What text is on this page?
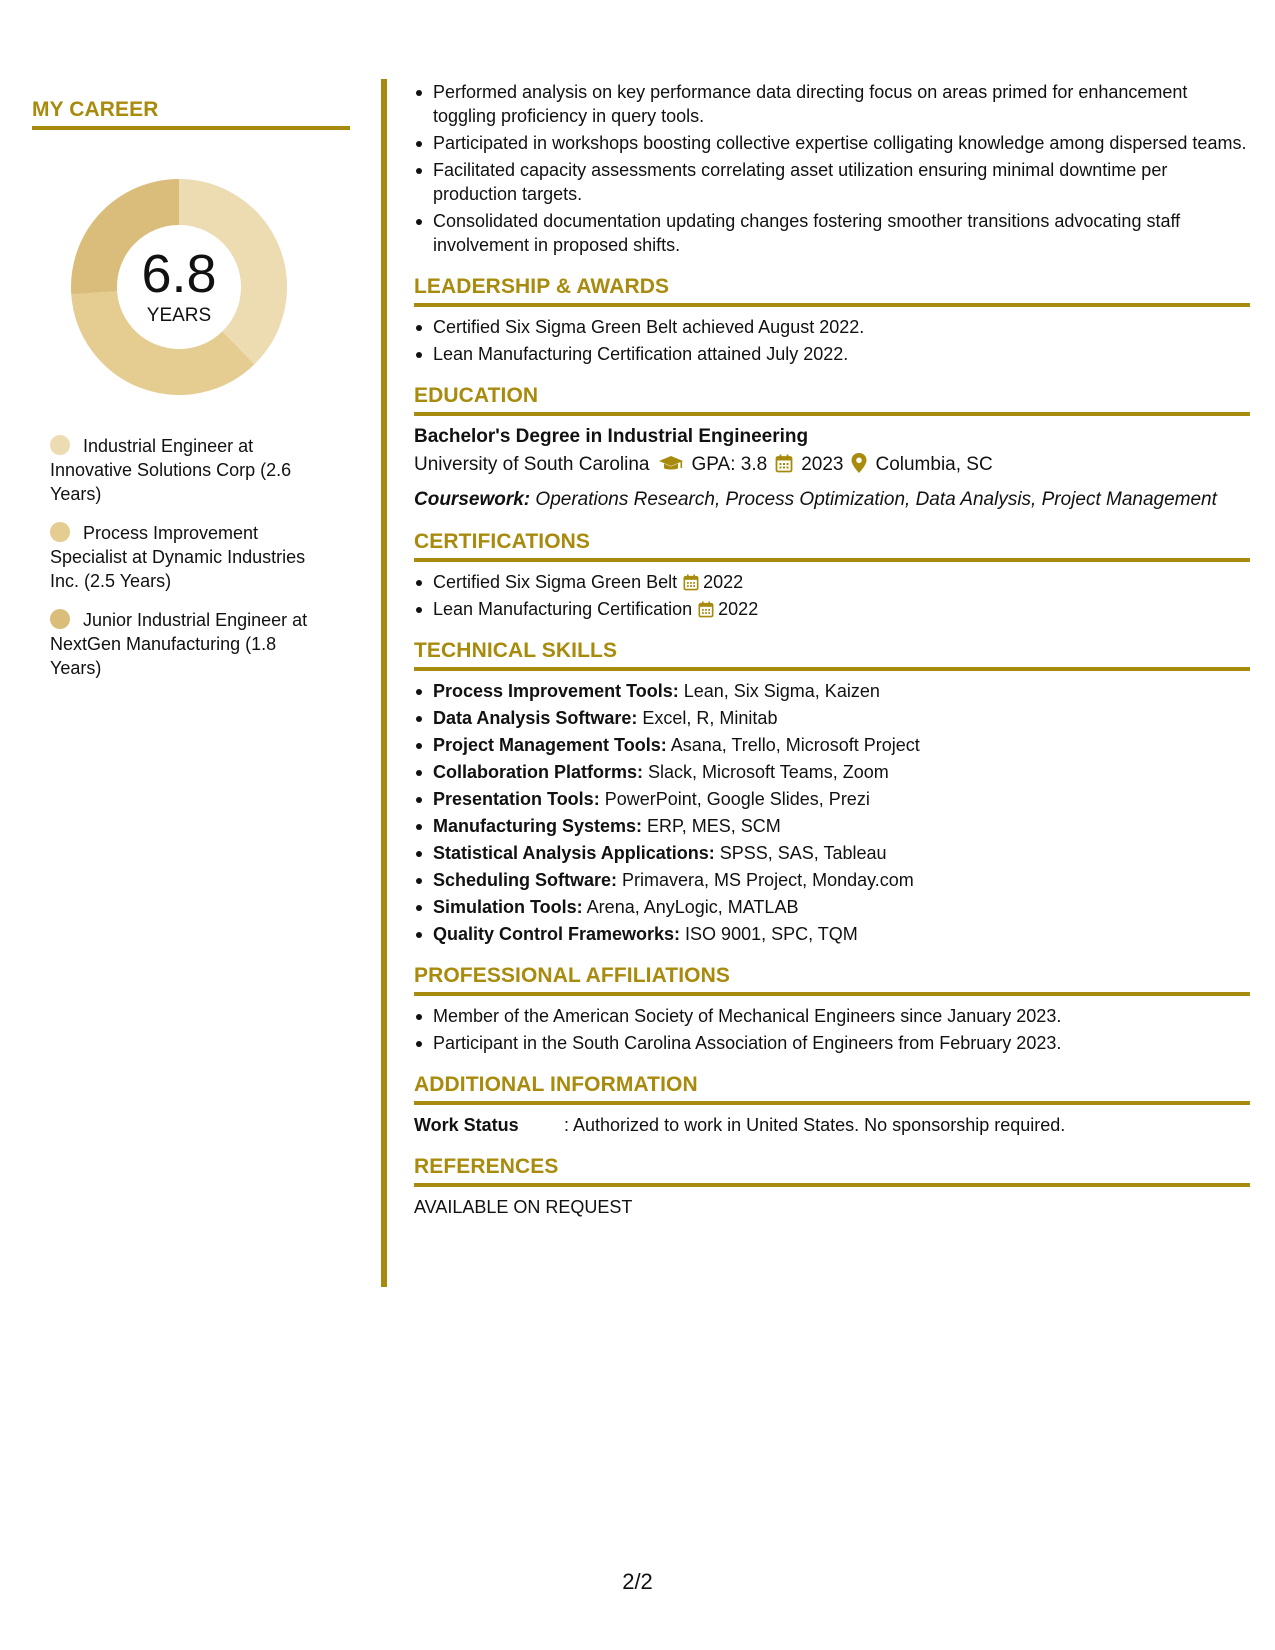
MY CAREER
6.8
YEARS
Industrial Engineer at Innovative Solutions Corp (2.6 Years)
Process Improvement Specialist at Dynamic Industries Inc. (2.5 Years)
Junior Industrial Engineer at NextGen Manufacturing (1.8 Years)
Performed analysis on key performance data directing focus on areas primed for enhancement toggling proficiency in query tools.
Participated in workshops boosting collective expertise colligating knowledge among dispersed teams.
Facilitated capacity assessments correlating asset utilization ensuring minimal downtime per production targets.
Consolidated documentation updating changes fostering smoother transitions advocating staff involvement in proposed shifts.
LEADERSHIP & AWARDS
Certified Six Sigma Green Belt achieved August 2022.
Lean Manufacturing Certification attained July 2022.
EDUCATION
Bachelor's Degree in Industrial Engineering
University of South Carolina GPA: 3.8 2023 Columbia, SC
Coursework: Operations Research, Process Optimization, Data Analysis, Project Management
CERTIFICATIONS
Certified Six Sigma Green Belt 2022
Lean Manufacturing Certification 2022
TECHNICAL SKILLS
Process Improvement Tools: Lean, Six Sigma, Kaizen
Data Analysis Software: Excel, R, Minitab
Project Management Tools: Asana, Trello, Microsoft Project
Collaboration Platforms: Slack, Microsoft Teams, Zoom
Presentation Tools: PowerPoint, Google Slides, Prezi
Manufacturing Systems: ERP, MES, SCM
Statistical Analysis Applications: SPSS, SAS, Tableau
Scheduling Software: Primavera, MS Project, Monday.com
Simulation Tools: Arena, AnyLogic, MATLAB
Quality Control Frameworks: ISO 9001, SPC, TQM
PROFESSIONAL AFFILIATIONS
Member of the American Society of Mechanical Engineers since January 2023.
Participant in the South Carolina Association of Engineers from February 2023.
ADDITIONAL INFORMATION
Work Status	: Authorized to work in United States. No sponsorship required.
REFERENCES
AVAILABLE ON REQUEST
2/2
